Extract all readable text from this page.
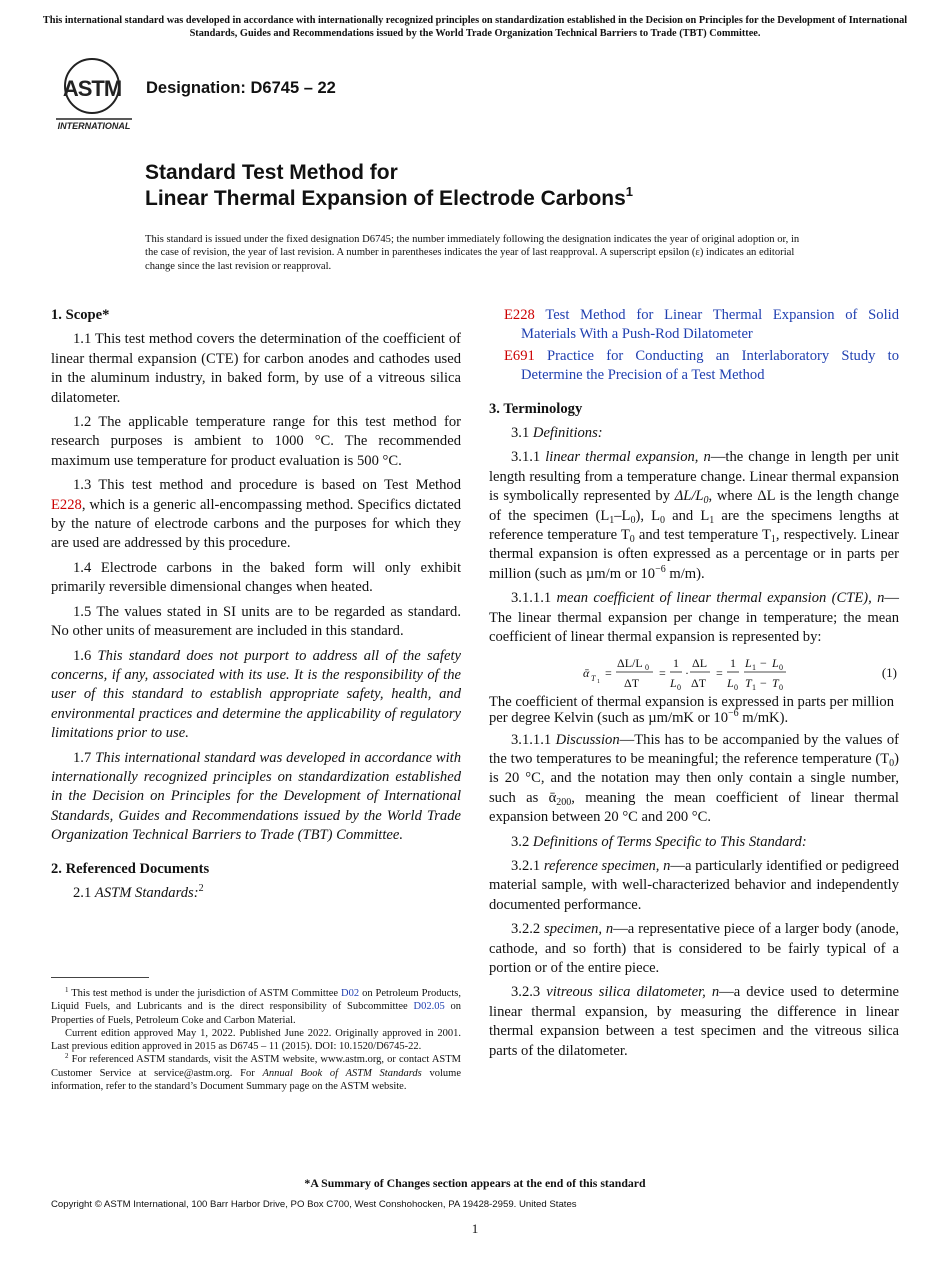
This international standard was developed in accordance with internationally recognized principles on standardization established in the Decision on Principles for the Development of International Standards, Guides and Recommendations issued by the World Trade Organization Technical Barriers to Trade (TBT) Committee.
ASTM
INTERNATIONAL
Designation: D6745 – 22
Standard Test Method for
Linear Thermal Expansion of Electrode Carbons$^1$
This standard is issued under the fixed designation D6745; the number immediately following the designation indicates the year of original adoption or, in the case of revision, the year of last revision. A number in parentheses indicates the year of last reapproval. A superscript epsilon (ε) indicates an editorial change since the last revision or reapproval.
1. Scope*

1.1 This test method covers the determination of the coefficient of linear thermal expansion (CTE) for carbon anodes and cathodes used in the aluminum industry, in baked form, by use of a vitreous silica dilatometer.

1.2 The applicable temperature range for this test method for research purposes is ambient to 1000 °C. The recommended maximum use temperature for product evaluation is 500 °C.

1.3 This test method and procedure is based on Test Method E228, which is a generic all-encompassing method. Specifics dictated by the nature of electrode carbons and the purposes for which they are used are addressed by this procedure.

1.4 Electrode carbons in the baked form will only exhibit primarily reversible dimensional changes when heated.

1.5 The values stated in SI units are to be regarded as standard. No other units of measurement are included in this standard.

1.6 This standard does not purport to address all of the safety concerns, if any, associated with its use. It is the responsibility of the user of this standard to establish appropriate safety, health, and environmental practices and determine the applicability of regulatory limitations prior to use.

1.7 This international standard was developed in accordance with internationally recognized principles on standardization established in the Decision on Principles for the Development of International Standards, Guides and Recommendations issued by the World Trade Organization Technical Barriers to Trade (TBT) Committee.

2. Referenced Documents

2.1 ASTM Standards:$^2$

$^1$ This test method is under the jurisdiction of ASTM Committee D02 on Petroleum Products, Liquid Fuels, and Lubricants and is the direct responsibility of Subcommittee D02.05 on Properties of Fuels, Petroleum Coke and Carbon Material.

Current edition approved May 1, 2022. Published June 2022. Originally approved in 2001. Last previous edition approved in 2015 as D6745 – 11 (2015). DOI: 10.1520/D6745-22.

$^2$ For referenced ASTM standards, visit the ASTM website, www.astm.org, or contact ASTM Customer Service at service@astm.org. For Annual Book of ASTM Standards volume information, refer to the standard’s Document Summary page on the ASTM website.

E228 Test Method for Linear Thermal Expansion of Solid Materials With a Push-Rod Dilatometer
E691 Practice for Conducting an Interlaboratory Study to Determine the Precision of a Test Method
3. Terminology

3.1 Definitions:

3.1.1 linear thermal expansion, n—the change in length per unit length resulting from a temperature change. Linear thermal expansion is symbolically represented by $\Delta L/L_0$, where ΔL is the length change of the specimen $(L_1-L_0)$, $L_0$ and $L_1$ are the specimens lengths at reference temperature $T_0$ and test temperature $T_1$, respectively. Linear thermal expansion is often expressed as a percentage or in parts per million (such as µm/m or $10^{-6}$ m/m).

3.1.1.1 mean coefficient of linear thermal expansion (CTE), n—The linear thermal expansion per change in temperature; the mean coefficient of linear thermal expansion is represented by:

ᾱ T 1
=
ΔL/L 0
ΔT
=
1
L 0
·
ΔL
ΔT
=
1
L 0
L 1 − L 0
T 1 − T 0
(1)

The coefficient of thermal expansion is expressed in parts per million per degree Kelvin (such as µm/mK or $10^{-6}$ m/mK).

3.1.1.1 Discussion—This has to be accompanied by the values of the two temperatures to be meaningful; the reference temperature $(T_0)$ is 20 °C, and the notation may then only contain a single number, such as ᾱ$_{200}$, meaning the mean coefficient of linear thermal expansion between 20 °C and 200 °C.

3.2 Definitions of Terms Specific to This Standard:

3.2.1 reference specimen, n—a particularly identified or pedigreed material sample, with well-characterized behavior and independently documented performance.

3.2.2 specimen, n—a representative piece of a larger body (anode, cathode, and so forth) that is considered to be fairly typical of a portion or of the entire piece.

3.2.3 vitreous silica dilatometer, n—a device used to determine linear thermal expansion, by measuring the difference in linear thermal expansion between a test specimen and the vitreous silica parts of the dilatometer.

*A Summary of Changes section appears at the end of this standard
Copyright © ASTM International, 100 Barr Harbor Drive, PO Box C700, West Conshohocken, PA 19428-2959. United States
1
